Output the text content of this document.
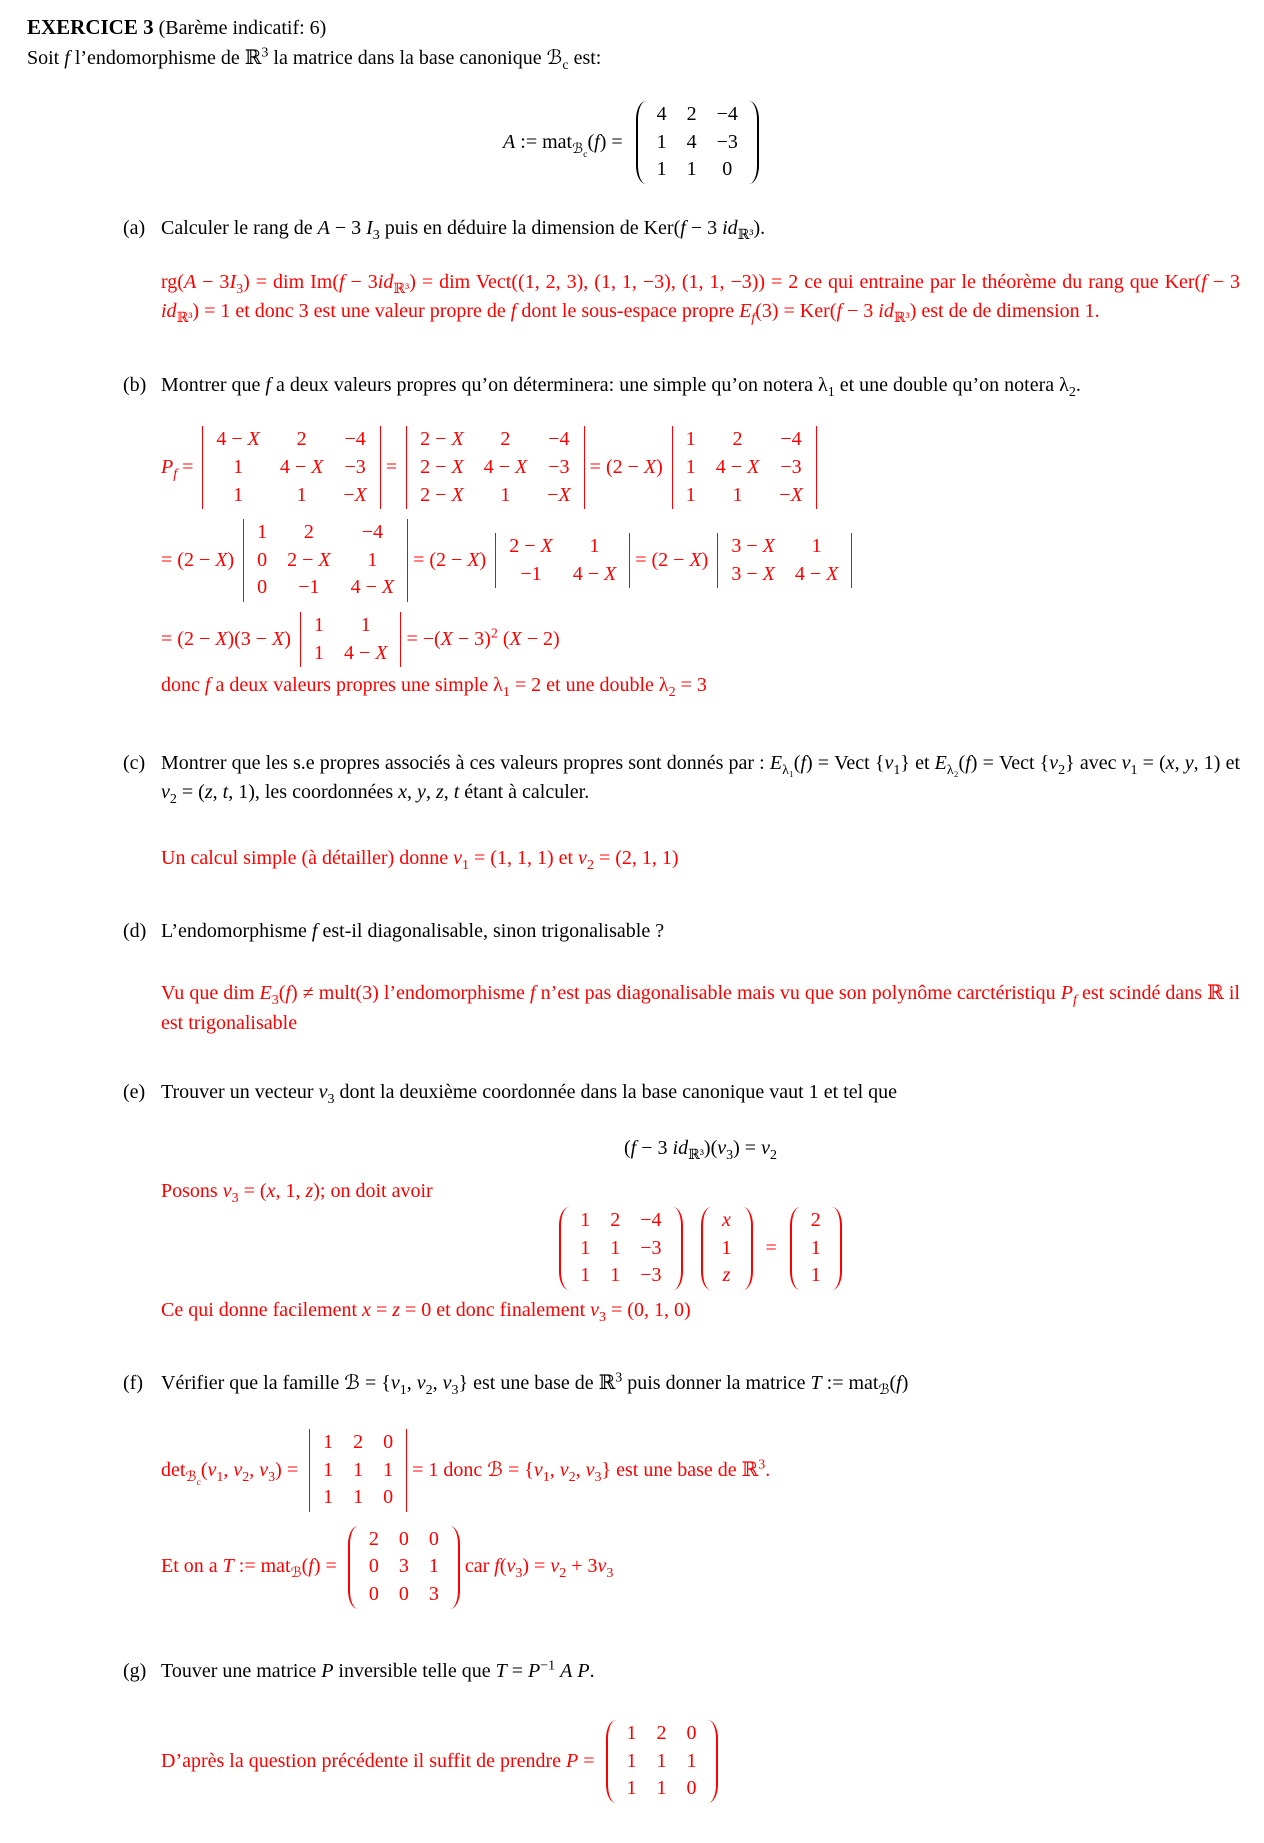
EXERCICE 3 (Barème indicatif: 6)
Soit f l’endomorphisme de ℝ$^3$ la matrice dans la base canonique ℬ$_c$ est:
A := mat$_{ℬ_c}$(f) =
4	2	−4
1	4	−3
1	1	0
(a) Calculer le rang de A − 3 $I_3$ puis en déduire la dimension de Ker(f − 3 $id_{ℝ^3}$).
$rg(A - 3I_3)$ = dim $Im(f - 3id_{ℝ^3})$ = dim Vect((1, 2, 3), (1, 1, −3), (1, 1, −3)) = 2 ce qui entraine par le théorème du rang que Ker(f − 3 $id_{ℝ^3}) = 1$ et donc 3 est une valeur propre de f dont le sous-espace propre $E_f(3) = Ker(f - 3$ $id_{ℝ^3}$) est de de dimension 1.
(b) Montrer que f a deux valeurs propres qu’on déterminera: une simple qu’on notera $\lambda_1$ et une double qu’on notera $\lambda_2$.
$P_f$ =
4 − X	2	−4
1	4 − X	−3
1	1	−X
=
2 − X	2	−4
2 − X	4 − X	−3
2 − X	1	−X
= (2 − X)
1	2	−4
1	4 − X	−3
1	1	−X
= (2 − X)
1	2	−4
0	2 − X	1
0	−1	4 − X
= (2 − X)
2 − X	1
−1	4 − X
= (2 − X)
3 − X	1
3 − X	4 − X
= (2 − X)(3 − X)
1	1
1	4 − X
= $-(X - 3)^2$ (X − 2)
donc f a deux valeurs propres une simple $\lambda_1 = 2$ et une double $\lambda_2 = 3$
(c) Montrer que les s.e propres associés à ces valeurs propres sont donnés par : $E_{\lambda_1}(f)$ = Vect $\{v_1\}$ et $E_{\lambda_2}(f)$ = Vect $\{v_2\}$ avec $v_1 = (x$, y, 1) et $v_2 = (z$, t, 1), les coordonnées x, y, z, t étant à calculer.
Un calcul simple (à détailler) donne $v_1 = (1$, 1, 1) et $v_2 = (2$, 1, 1)
(d) L’endomorphisme f est-il diagonalisable, sinon trigonalisable ?
Vu que dim $E_3(f)$ ≠ mult(3) l’endomorphisme f n’est pas diagonalisable mais vu que son polynôme carctéristiqu $P_f$ est scindé dans ℝ il est trigonalisable
(e) Trouver un vecteur $v_3$ dont la deuxième coordonnée dans la base canonique vaut 1 et tel que
(f − 3 $id_{ℝ^3})(v_3) = v_2$
Posons $v_3 = (x$, 1, z); on doit avoir
1	2	−4
1	1	−3
1	1	−3
x
1
z
=
2
1
1
Ce qui donne facilement x = z = 0 et donc finalement $v_3 = (0$, 1, 0)
(f) Vérifier que la famille ℬ = {$v_1$, $v_2$, $v_3$} est une base de ℝ$^3$ puis donner la matrice T := mat$_ℬ$(f)
$\det_{ℬ_c}(v_1$, $v_2$, $v_3$) =
1	2	0
1	1	1
1	1	0
= 1 donc ℬ = {$v_1$, $v_2$, $v_3$} est une base de ℝ$^3$.
Et on a T := mat$_ℬ$(f) =
2	0	0
0	3	1
0	0	3
car $f(v_3) = v_2 + 3v_3$
(g) Touver une matrice P inversible telle que $T = P^{-1}$ A P.
D’après la question précédente il suffit de prendre P =
1	2	0
1	1	1
1	1	0
